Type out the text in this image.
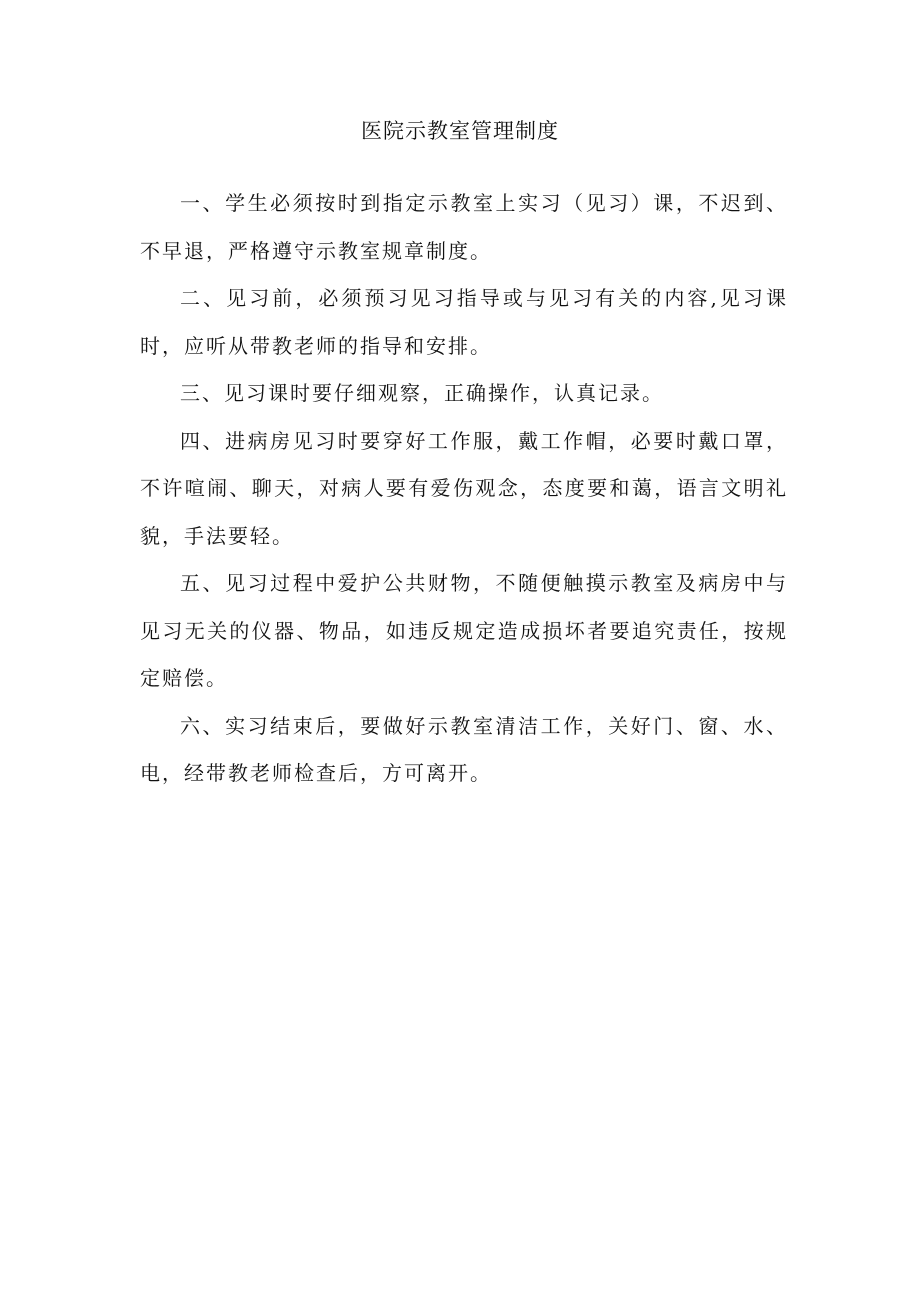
医院示教室管理制度

一、学生必须按时到指定示教室上实习（见习）课，不迟到、不早退，严格遵守示教室规章制度。

二、见习前，必须预习见习指导或与见习有关的内容,见习课时，应听从带教老师的指导和安排。

三、见习课时要仔细观察，正确操作，认真记录。

四、进病房见习时要穿好工作服，戴工作帽，必要时戴口罩，不许喧闹、聊天，对病人要有爱伤观念，态度要和蔼，语言文明礼貌，手法要轻。

五、见习过程中爱护公共财物，不随便触摸示教室及病房中与见习无关的仪器、物品，如违反规定造成损坏者要追究责任，按规定赔偿。

六、实习结束后，要做好示教室清洁工作，关好门、窗、水、电，经带教老师检查后，方可离开。
